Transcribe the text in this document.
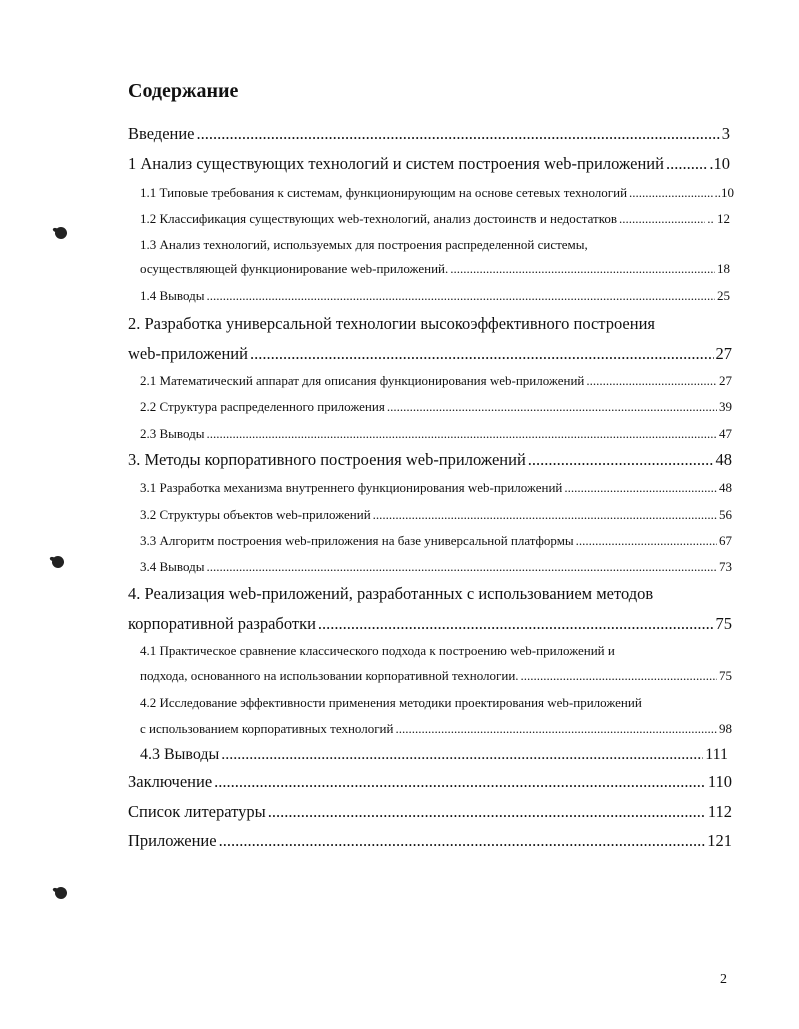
Содержание
Введение .....	3
1 Анализ существующих технологий и систем построения web-приложений .....	.10
1.1 Типовые требования к системам, функционирующим на основе сетевых технологий .....	..10
1.2 Классификация существующих web-технологий, анализ достоинств и недостатков .....	.. 12
1.3 Анализ технологий, используемых для построения распределенной системы,
осуществляющей функционирование web-приложений. .....	18
1.4 Выводы .....	25
2. Разработка универсальной технологии высокоэффективного построения
web-приложений .....	27
2.1 Математический аппарат для описания функционирования web-приложений .....	27
2.2 Структура распределенного приложения .....	39
2.3 Выводы .....	47
3. Методы корпоративного построения web-приложений .....	48
3.1 Разработка механизма внутреннего функционирования web-приложений .....	48
3.2 Структуры объектов web-приложений .....	56
3.3 Алгоритм построения web-приложения на базе универсальной платформы .....	67
3.4 Выводы .....	73
4. Реализация web-приложений, разработанных с использованием методов
корпоративной разработки .....	75
4.1 Практическое сравнение классического подхода к построению web-приложений и
подхода, основанного на использовании корпоративной технологии. .....	75
4.2 Исследование эффективности применения методики проектирования web-приложений
с использованием корпоративных технологий .....	98
4.3 Выводы .....	111
Заключение .....	110
Список литературы .....	112
Приложение .....	121
2
